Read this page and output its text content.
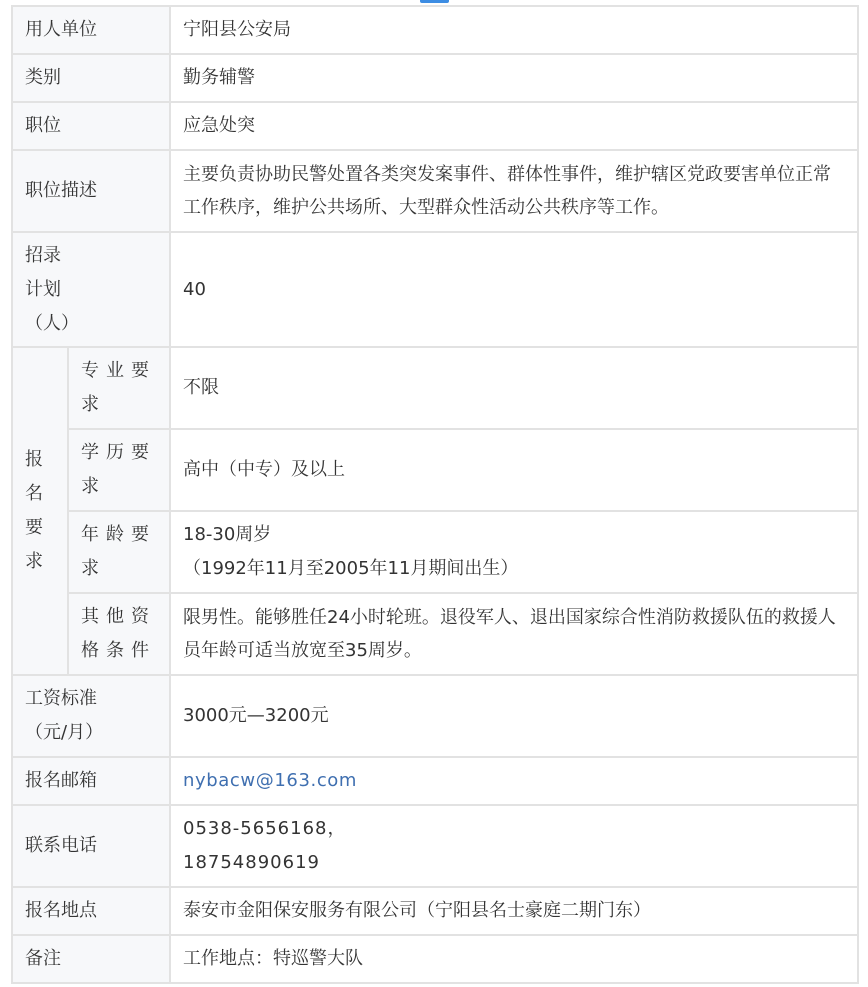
用人单位		宁阳县公安局
类别		勤务辅警
职位		应急处突
职位描述		主要负责协助民警处置各类突发案事件、群体性事件，维护辖区党政要害单位正常工作秩序，维护公共场所、大型群众性活动公共秩序等工作。

招录
计划
（人）		40

报
名
要
求	专业要求	不限
	学历要求	高中（中专）及以上
	年龄要求	18-30周岁
（1992年11月至2005年11月期间出生）

	其他资格条件	限男性。能够胜任24小时轮班。退役军人、退出国家综合性消防救援队伍的救援人员年龄可适当放宽至35周岁。

工资标准
（元/月）		3000元—3200元
报名邮箱		nybacw@163.com
联系电话		0538-5656168，
18754890619

报名地点		泰安市金阳保安服务有限公司（宁阳县名士豪庭二期门东）
备注		工作地点：特巡警大队
